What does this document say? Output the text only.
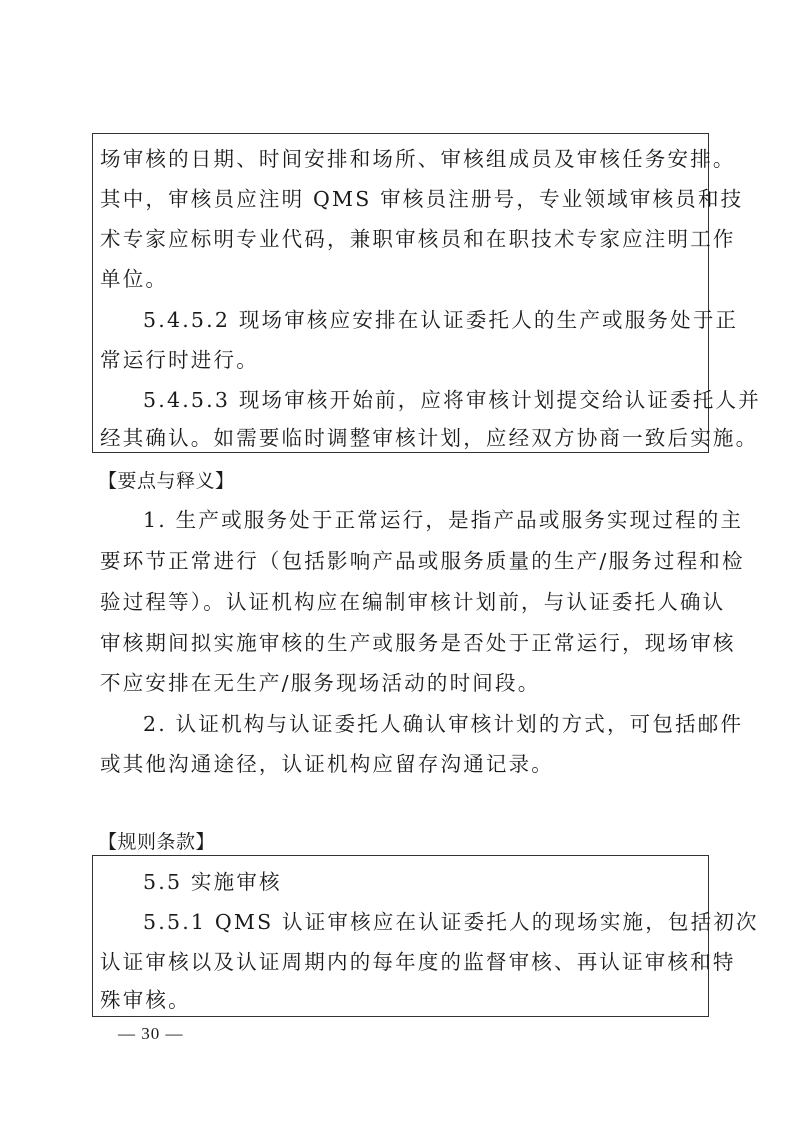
场审核的日期、时间安排和场所、审核组成员及审核任务安排。
其中，审核员应注明 QMS 审核员注册号，专业领域审核员和技
术专家应标明专业代码，兼职审核员和在职技术专家应注明工作
单位。
5.4.5.2 现场审核应安排在认证委托人的生产或服务处于正
常运行时进行。
5.4.5.3 现场审核开始前，应将审核计划提交给认证委托人并
经其确认。如需要临时调整审核计划，应经双方协商一致后实施。
【要点与释义】
1. 生产或服务处于正常运行，是指产品或服务实现过程的主
要环节正常进行（包括影响产品或服务质量的生产/服务过程和检
验过程等）。认证机构应在编制审核计划前，与认证委托人确认
审核期间拟实施审核的生产或服务是否处于正常运行，现场审核
不应安排在无生产/服务现场活动的时间段。
2. 认证机构与认证委托人确认审核计划的方式，可包括邮件
或其他沟通途径，认证机构应留存沟通记录。
【规则条款】
5.5 实施审核
5.5.1 QMS 认证审核应在认证委托人的现场实施，包括初次
认证审核以及认证周期内的每年度的监督审核、再认证审核和特
殊审核。
— 30 —
